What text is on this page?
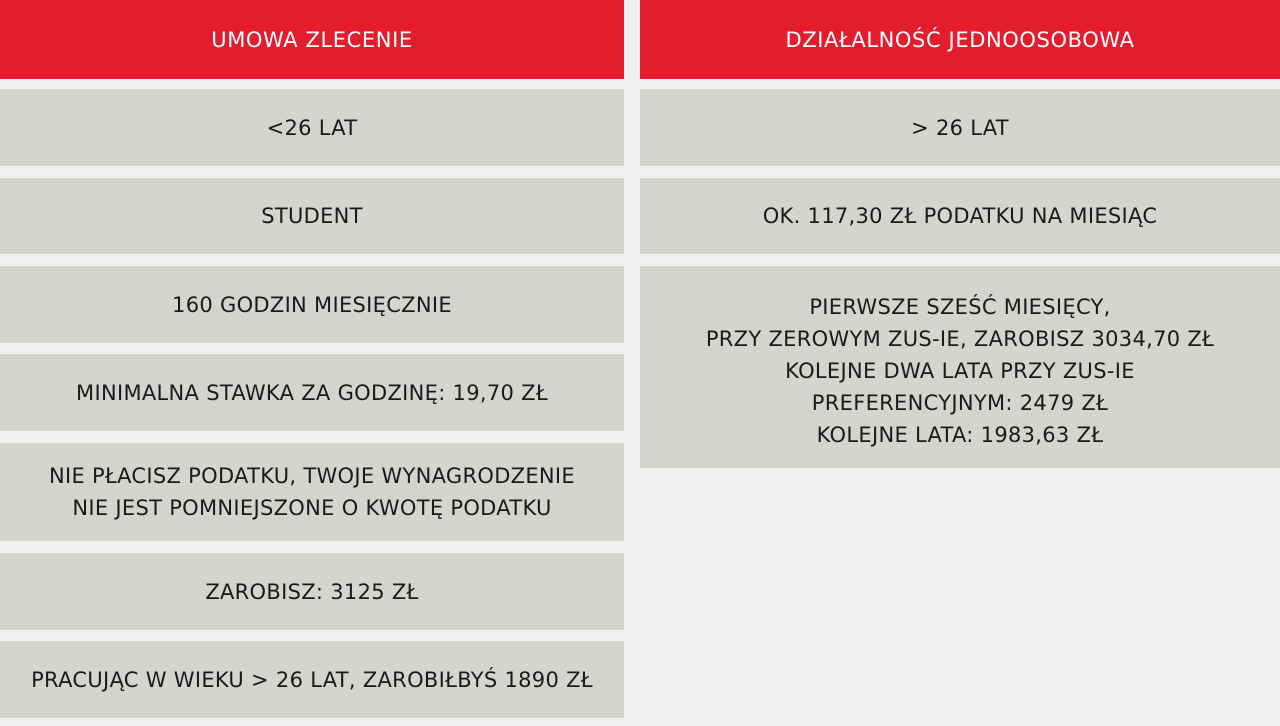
UMOWA ZLECENIE
<26 LAT
STUDENT
160 GODZIN MIESIĘCZNIE
MINIMALNA STAWKA ZA GODZINĘ: 19,70 ZŁ
NIE PŁACISZ PODATKU, TWOJE WYNAGRODZENIE
NIE JEST POMNIEJSZONE O KWOTĘ PODATKU
ZAROBISZ: 3125 ZŁ
PRACUJĄC W WIEKU > 26 LAT, ZAROBIŁBYŚ 1890 ZŁ
DZIAŁALNOŚĆ JEDNOOSOBOWA
> 26 LAT
OK. 117,30 ZŁ PODATKU NA MIESIĄC
PIERWSZE SZEŚĆ MIESIĘCY,
PRZY ZEROWYM ZUS-IE, ZAROBISZ 3034,70 ZŁ
KOLEJNE DWA LATA PRZY ZUS-IE
PREFERENCYJNYM: 2479 ZŁ
KOLEJNE LATA: 1983,63 ZŁ
